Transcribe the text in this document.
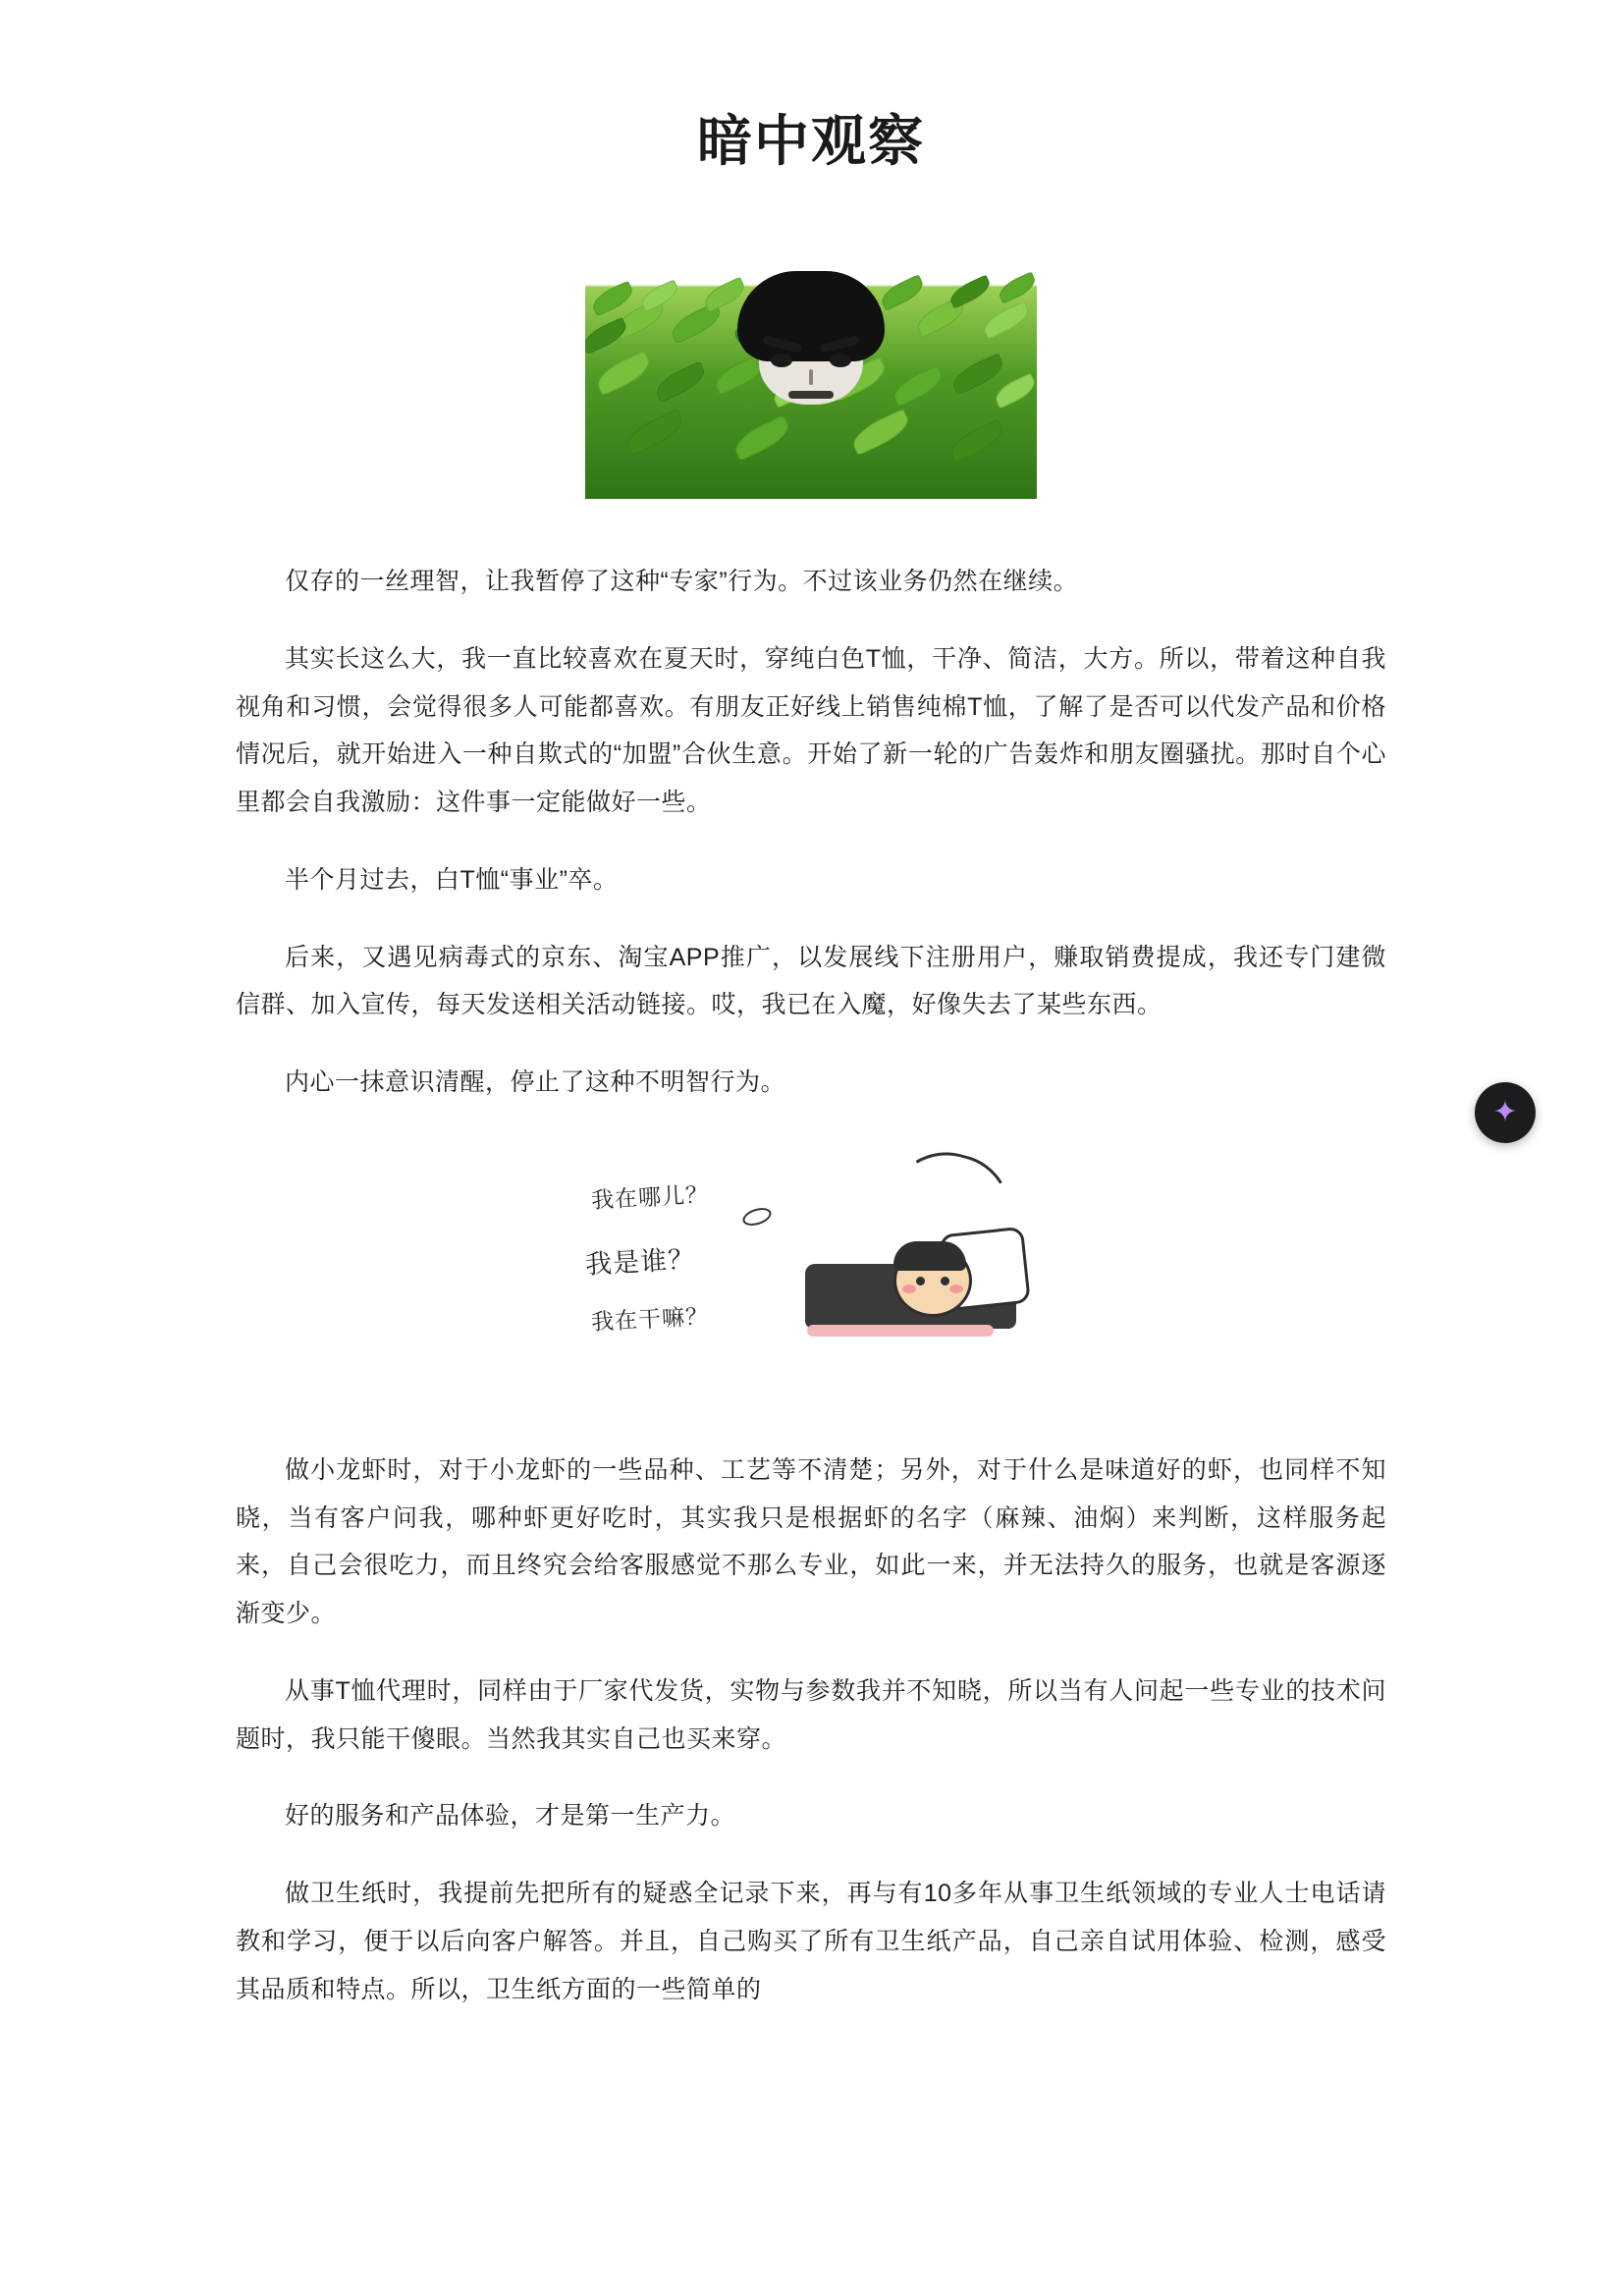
暗中观察

仅存的一丝理智，让我暂停了这种“专家”行为。不过该业务仍然在继续。

其实长这么大，我一直比较喜欢在夏天时，穿纯白色T恤，干净、简洁，大方。所以，带着这种自我视角和习惯，会觉得很多人可能都喜欢。有朋友正好线上销售纯棉T恤，了解了是否可以代发产品和价格情况后，就开始进入一种自欺式的“加盟”合伙生意。开始了新一轮的广告轰炸和朋友圈骚扰。那时自个心里都会自我激励：这件事一定能做好一些。

半个月过去，白T恤“事业”卒。

后来，又遇见病毒式的京东、淘宝APP推广，以发展线下注册用户，赚取销费提成，我还专门建微信群、加入宣传，每天发送相关活动链接。哎，我已在入魔，好像失去了某些东西。

内心一抹意识清醒，停止了这种不明智行为。

我在哪儿？
我是谁？
我在干嘛？

做小龙虾时，对于小龙虾的一些品种、工艺等不清楚；另外，对于什么是味道好的虾，也同样不知晓，当有客户问我，哪种虾更好吃时，其实我只是根据虾的名字（麻辣、油焖）来判断，这样服务起来，自己会很吃力，而且终究会给客服感觉不那么专业，如此一来，并无法持久的服务，也就是客源逐渐变少。

从事T恤代理时，同样由于厂家代发货，实物与参数我并不知晓，所以当有人问起一些专业的技术问题时，我只能干傻眼。当然我其实自己也买来穿。

好的服务和产品体验，才是第一生产力。

做卫生纸时，我提前先把所有的疑惑全记录下来，再与有10多年从事卫生纸领域的专业人士电话请教和学习，便于以后向客户解答。并且，自己购买了所有卫生纸产品，自己亲自试用体验、检测，感受其品质和特点。所以，卫生纸方面的一些简单的

✦
